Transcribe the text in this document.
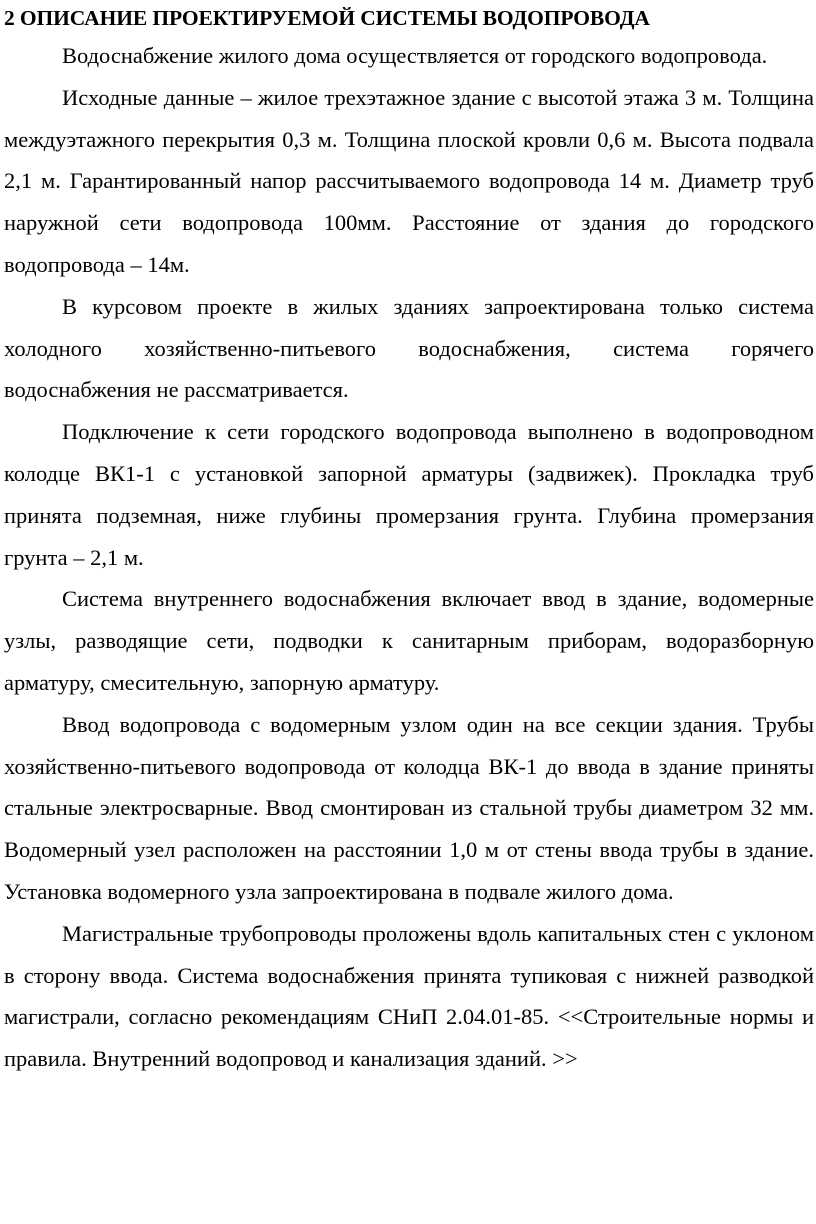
2 ОПИСАНИЕ ПРОЕКТИРУЕМОЙ СИСТЕМЫ ВОДОПРОВОДА

Водоснабжение жилого дома осуществляется от городского водопровода.

Исходные данные – жилое трехэтажное здание с высотой этажа 3 м. Толщина междуэтажного перекрытия 0,3 м. Толщина плоской кровли 0,6 м. Высота подвала 2,1 м. Гарантированный напор рассчитываемого водопровода 14 м. Диаметр труб наружной сети водопровода 100мм. Расстояние от здания до городского водопровода – 14м.

В курсовом проекте в жилых зданиях запроектирована только система холодного хозяйственно-питьевого водоснабжения, система горячего водоснабжения не рассматривается.

Подключение к сети городского водопровода выполнено в водопроводном колодце ВК1-1 с установкой запорной арматуры (задвижек). Прокладка труб принята подземная, ниже глубины промерзания грунта. Глубина промерзания грунта – 2,1 м.

Система внутреннего водоснабжения включает ввод в здание, водомерные узлы, разводящие сети, подводки к санитарным приборам, водоразборную арматуру, смесительную, запорную арматуру.

Ввод водопровода с водомерным узлом один на все секции здания. Трубы хозяйственно-питьевого водопровода от колодца ВК-1 до ввода в здание приняты стальные электросварные. Ввод смонтирован из стальной трубы диаметром 32 мм. Водомерный узел расположен на расстоянии 1,0 м от стены ввода трубы в здание. Установка водомерного узла запроектирована в подвале жилого дома.

Магистральные трубопроводы проложены вдоль капитальных стен с уклоном в сторону ввода. Система водоснабжения принята тупиковая с нижней разводкой магистрали, согласно рекомендациям СНиП 2.04.01-85. <<Строительные нормы и правила. Внутренний водопровод и канализация зданий. >>
